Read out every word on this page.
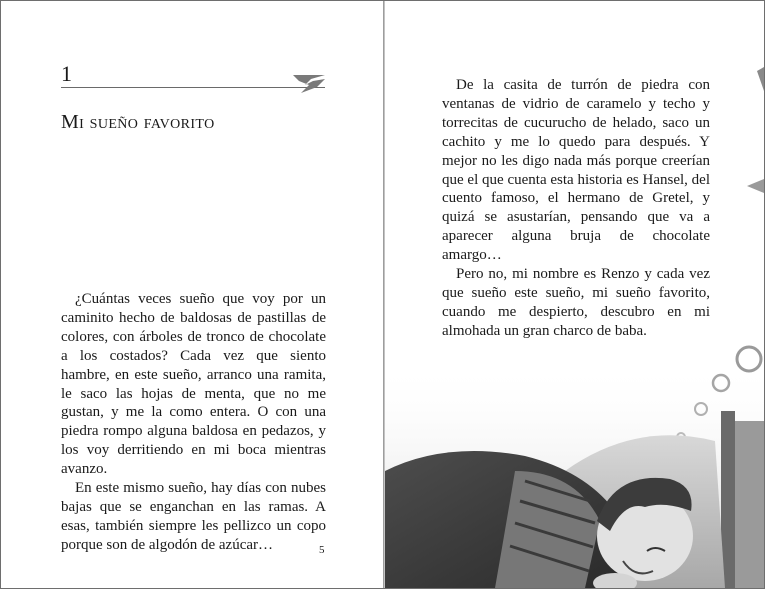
1
Mi sueño favorito

¿Cuántas veces sueño que voy por un caminito hecho de baldosas de pastillas de colores, con árboles de tronco de chocolate a los costados? Cada vez que siento hambre, en este sueño, arranco una ramita, le saco las hojas de menta, que no me gustan, y me la como entera. O con una piedra rompo alguna baldosa en pedazos, y los voy derritiendo en mi boca mientras avanzo.

En este mismo sueño, hay días con nubes bajas que se enganchan en las ramas. A esas, también siempre les pellizco un copo porque son de algodón de azúcar…	5

De la casita de turrón de piedra con ventanas de vidrio de caramelo y techo y torrecitas de cucurucho de helado, saco un cachito y me lo quedo para después. Y mejor no les digo nada más porque creerían que el que cuenta esta historia es Hansel, del cuento famoso, el hermano de Gretel, y quizá se asustarían, pensando que va a aparecer alguna bruja de chocolate amargo…

Pero no, mi nombre es Renzo y cada vez que sueño este sueño, mi sueño favorito, cuando me despierto, descubro en mi almohada un gran charco de baba.
